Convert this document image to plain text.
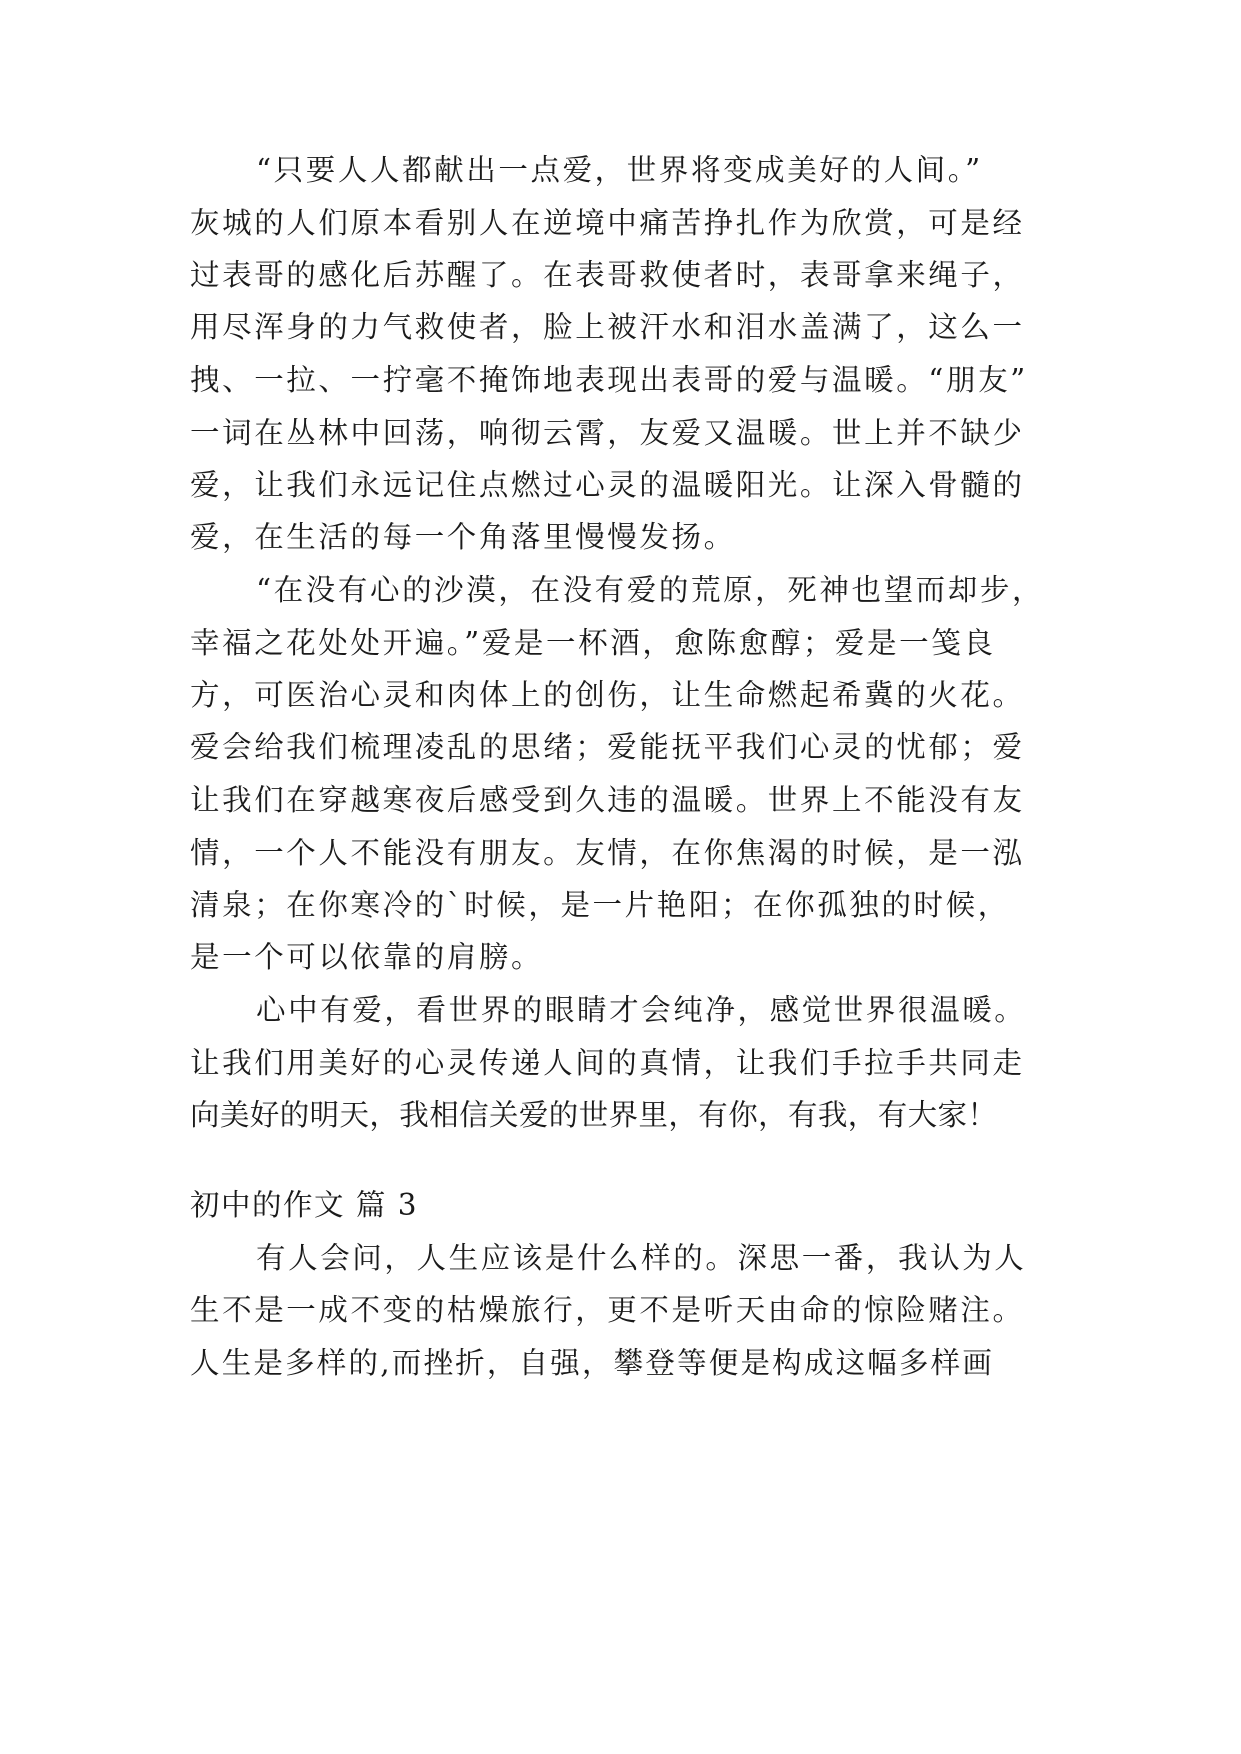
“只要人人都献出一点爱，世界将变成美好的人间。”
灰城的人们原本看别人在逆境中痛苦挣扎作为欣赏，可是经
过表哥的感化后苏醒了。在表哥救使者时，表哥拿来绳子，
用尽浑身的力气救使者，脸上被汗水和泪水盖满了，这么一
拽、一拉、一拧毫不掩饰地表现出表哥的爱与温暖。“朋友”
一词在丛林中回荡，响彻云霄，友爱又温暖。世上并不缺少
爱，让我们永远记住点燃过心灵的温暖阳光。让深入骨髓的
爱，在生活的每一个角落里慢慢发扬。
“在没有心的沙漠，在没有爱的荒原，死神也望而却步，
幸福之花处处开遍。”爱是一杯酒，愈陈愈醇；爱是一笺良
方，可医治心灵和肉体上的创伤，让生命燃起希冀的火花。
爱会给我们梳理凌乱的思绪；爱能抚平我们心灵的忧郁；爱
让我们在穿越寒夜后感受到久违的温暖。世界上不能没有友
情，一个人不能没有朋友。友情，在你焦渴的时候，是一泓
清泉；在你寒冷的`时候，是一片艳阳；在你孤独的时候，
是一个可以依靠的肩膀。
心中有爱，看世界的眼睛才会纯净，感觉世界很温暖。
让我们用美好的心灵传递人间的真情，让我们手拉手共同走
向美好的明天，我相信关爱的世界里，有你，有我，有大家！
初中的作文 篇 3
有人会问，人生应该是什么样的。深思一番，我认为人
生不是一成不变的枯燥旅行，更不是听天由命的惊险赌注。
人生是多样的,而挫折，自强，攀登等便是构成这幅多样画
